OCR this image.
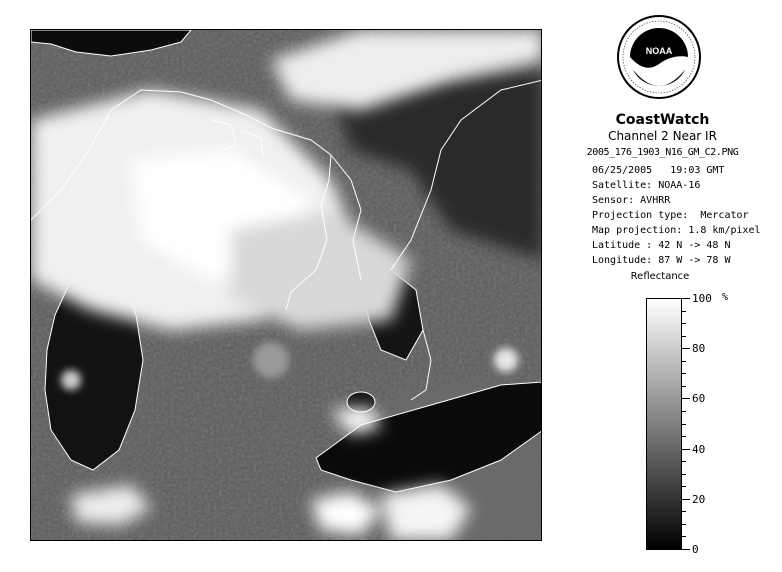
NOAA
CoastWatch
Channel 2 Near IR
2005_176_1903_N16_GM_C2.PNG
06/25/2005   19:03 GMT
Satellite: NOAA-16
Sensor: AVHRR
Projection type:  Mercator
Map projection: 1.8 km/pixel
Latitude : 42 N -> 48 N
Longitude: 87 W -> 78 W
Reflectance
%
100
80
60
40
20
0
